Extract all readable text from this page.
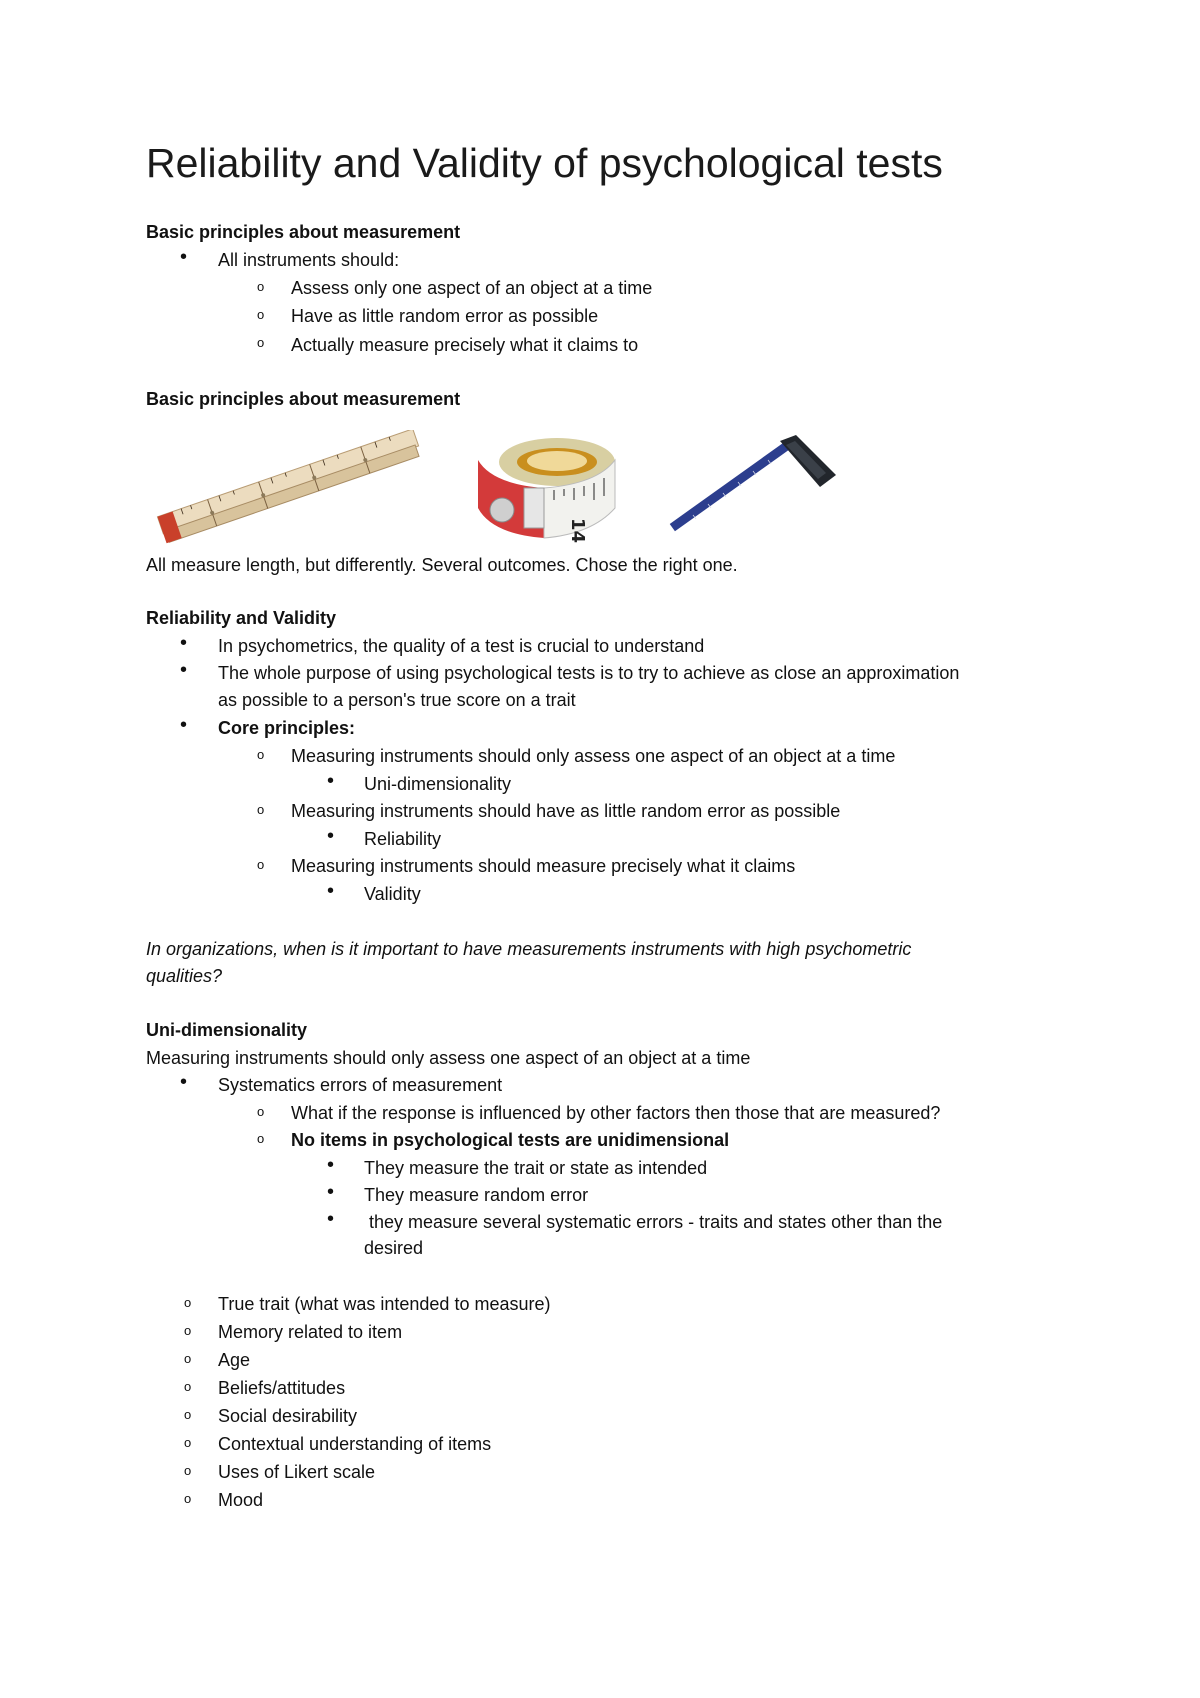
Reliability and Validity of psychological tests
Basic principles about measurement
• All instruments should:
o Assess only one aspect of an object at a time
o Have as little random error as possible
o Actually measure precisely what it claims to
Basic principles about measurement
14
All measure length, but differently. Several outcomes. Chose the right one.
Reliability and Validity
• In psychometrics, the quality of a test is crucial to understand
• The whole purpose of using psychological tests is to try to achieve as close an approximation
as possible to a person's true score on a trait
• Core principles:
o Measuring instruments should only assess one aspect of an object at a time
• Uni-dimensionality
o Measuring instruments should have as little random error as possible
• Reliability
o Measuring instruments should measure precisely what it claims
• Validity
In organizations, when is it important to have measurements instruments with high psychometric
qualities?
Uni-dimensionality
Measuring instruments should only assess one aspect of an object at a time
• Systematics errors of measurement
o What if the response is influenced by other factors then those that are measured?
o No items in psychological tests are unidimensional
• They measure the trait or state as intended
• They measure random error
• they measure several systematic errors - traits and states other than the
desired
o True trait (what was intended to measure)
o Memory related to item
o Age
o Beliefs/attitudes
o Social desirability
o Contextual understanding of items
o Uses of Likert scale
o Mood
